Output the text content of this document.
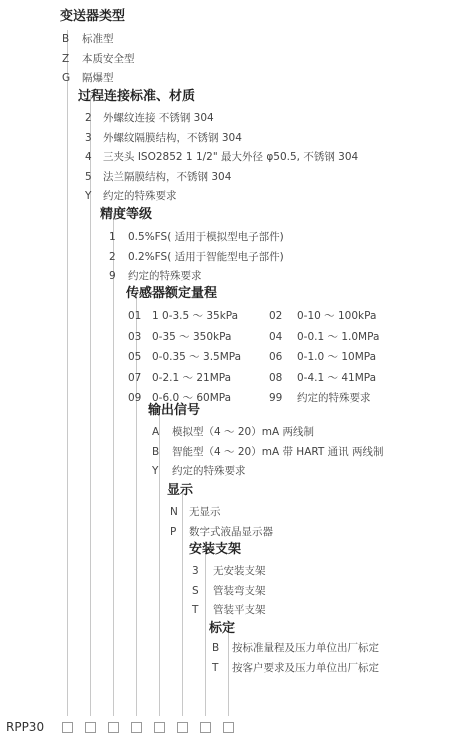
变送器类型
B 标准型
Z 本质安全型
G 隔爆型
过程连接标准、材质
2 外螺纹连接 不锈钢 304
3 外螺纹隔膜结构，不锈钢 304
4 三夹头 ISO2852 1 1/2" 最大外径 φ50.5, 不锈钢 304
5 法兰隔膜结构，不锈钢 304
Y 约定的特殊要求
精度等级
1 0.5%FS( 适用于模拟型电子部件)
2 0.2%FS( 适用于智能型电子部件)
9 约定的特殊要求
传感器额定量程
01 1 0-3.5 ～ 35kPa	02 0-10 ～ 100kPa
03 0-35 ～ 350kPa	04 0-0.1 ～ 1.0MPa
05 0-0.35 ～ 3.5MPa	06 0-1.0 ～ 10MPa
07 0-2.1 ～ 21MPa	08 0-4.1 ～ 41MPa
09 0-6.0 ～ 60MPa	99 约定的特殊要求
输出信号
A 模拟型（4 ～ 20）mA 两线制
B 智能型（4 ～ 20）mA 带 HART 通讯 两线制
Y 约定的特殊要求
显示
N 无显示
P 数字式液晶显示器
安装支架
3 无安装支架
S 管装弯支架
T 管装平支架
标定
B 按标准量程及压力单位出厂标定
T 按客户要求及压力单位出厂标定
RPP30
